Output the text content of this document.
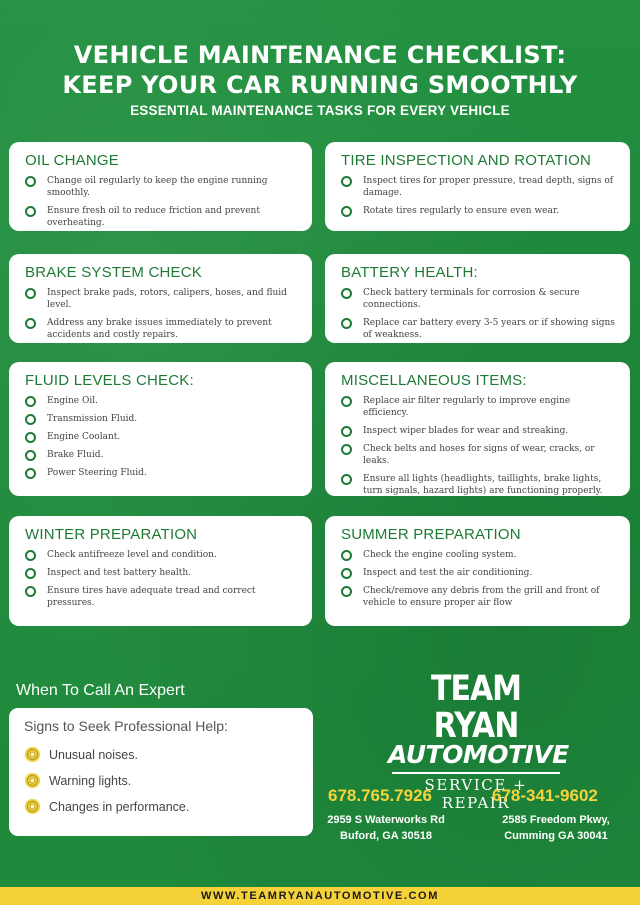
VEHICLE MAINTENANCE CHECKLIST:
KEEP YOUR CAR RUNNING SMOOTHLY
ESSENTIAL MAINTENANCE TASKS FOR EVERY VEHICLE
OIL CHANGE
Change oil regularly to keep the engine running smoothly.
Ensure fresh oil to reduce friction and prevent overheating.
TIRE INSPECTION AND ROTATION
Inspect tires for proper pressure, tread depth, signs of damage.
Rotate tires regularly to ensure even wear.
BRAKE SYSTEM CHECK
Inspect brake pads, rotors, calipers, hoses, and fluid level.
Address any brake issues immediately to prevent accidents and costly repairs.
BATTERY HEALTH:
Check battery terminals for corrosion & secure connections.
Replace car battery every 3-5 years or if showing signs of weakness.
FLUID LEVELS CHECK:
Engine Oil.
Transmission Fluid.
Engine Coolant.
Brake Fluid.
Power Steering Fluid.
MISCELLANEOUS ITEMS:
Replace air filter regularly to improve engine efficiency.
Inspect wiper blades for wear and streaking.
Check belts and hoses for signs of wear, cracks, or leaks.
Ensure all lights (headlights, taillights, brake lights, turn signals, hazard lights) are functioning properly.
WINTER PREPARATION
Check antifreeze level and condition.
Inspect and test battery health.
Ensure tires have adequate tread and correct pressures.
SUMMER PREPARATION
Check the engine cooling system.
Inspect and test the air conditioning.
Check/remove any debris from the grill and front of vehicle to ensure proper air flow
When To Call An Expert
Signs to Seek Professional Help:
Unusual noises.
Warning lights.
Changes in performance.
TEAM RYAN
AUTOMOTIVE
SERVICE + REPAIR
678.765.7926
2959 S Waterworks Rd
Buford, GA 30518
678-341-9602
2585 Freedom Pkwy,
Cumming GA 30041
WWW.TEAMRYANAUTOMOTIVE.COM
